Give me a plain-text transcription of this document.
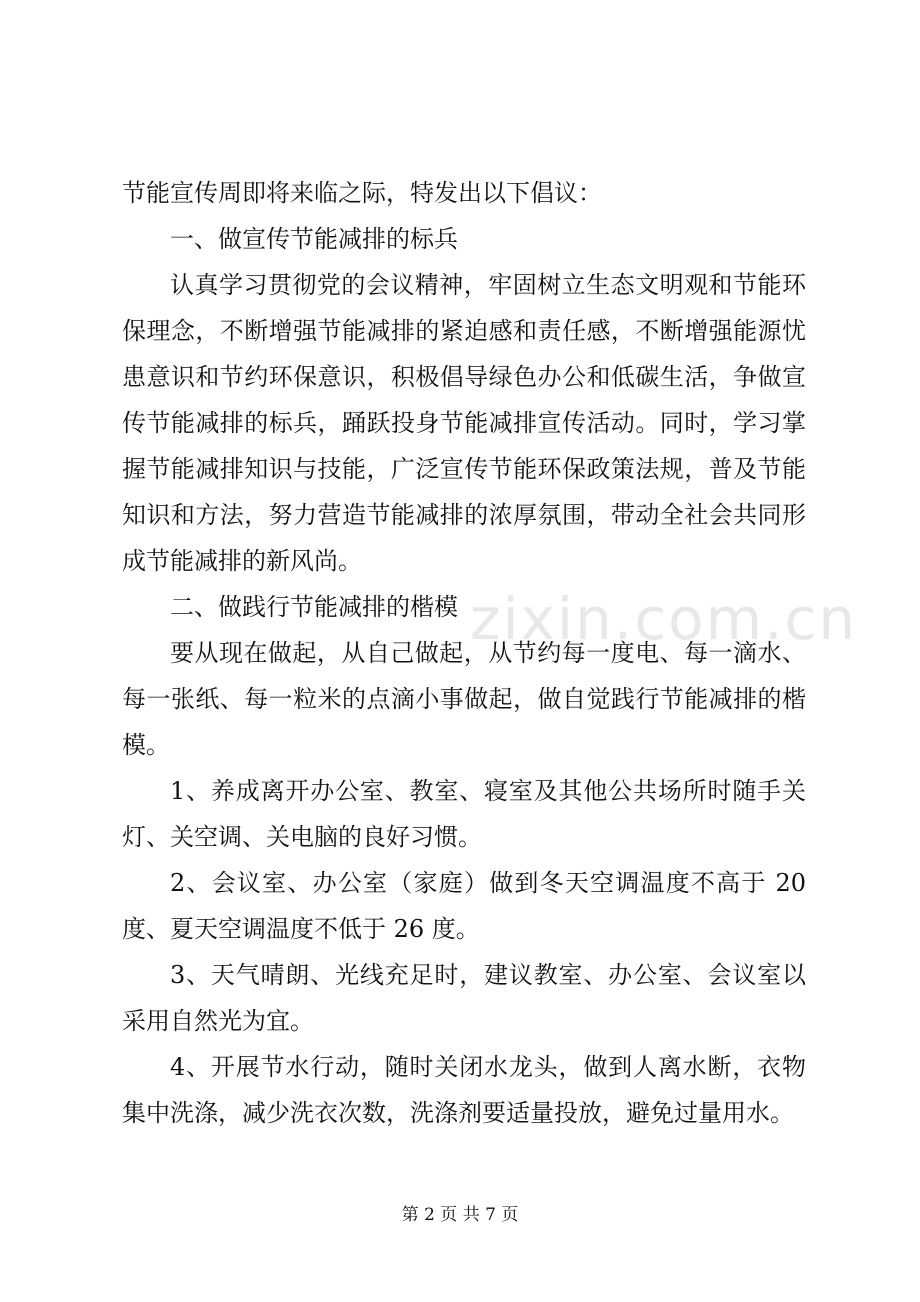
zixin.com.cn

节能宣传周即将来临之际，特发出以下倡议：

一、做宣传节能减排的标兵

认真学习贯彻党的会议精神，牢固树立生态文明观和节能环保理念，不断增强节能减排的紧迫感和责任感，不断增强能源忧患意识和节约环保意识，积极倡导绿色办公和低碳生活，争做宣传节能减排的标兵，踊跃投身节能减排宣传活动。同时，学习掌握节能减排知识与技能，广泛宣传节能环保政策法规，普及节能知识和方法，努力营造节能减排的浓厚氛围，带动全社会共同形成节能减排的新风尚。

二、做践行节能减排的楷模

要从现在做起，从自己做起，从节约每一度电、每一滴水、每一张纸、每一粒米的点滴小事做起，做自觉践行节能减排的楷模。

1、养成离开办公室、教室、寝室及其他公共场所时随手关灯、关空调、关电脑的良好习惯。

2、会议室、办公室（家庭）做到冬天空调温度不高于 20 度、夏天空调温度不低于 26 度。

3、天气晴朗、光线充足时，建议教室、办公室、会议室以采用自然光为宜。

4、开展节水行动，随时关闭水龙头，做到人离水断，衣物集中洗涤，减少洗衣次数，洗涤剂要适量投放，避免过量用水。

第 2 页 共 7 页
